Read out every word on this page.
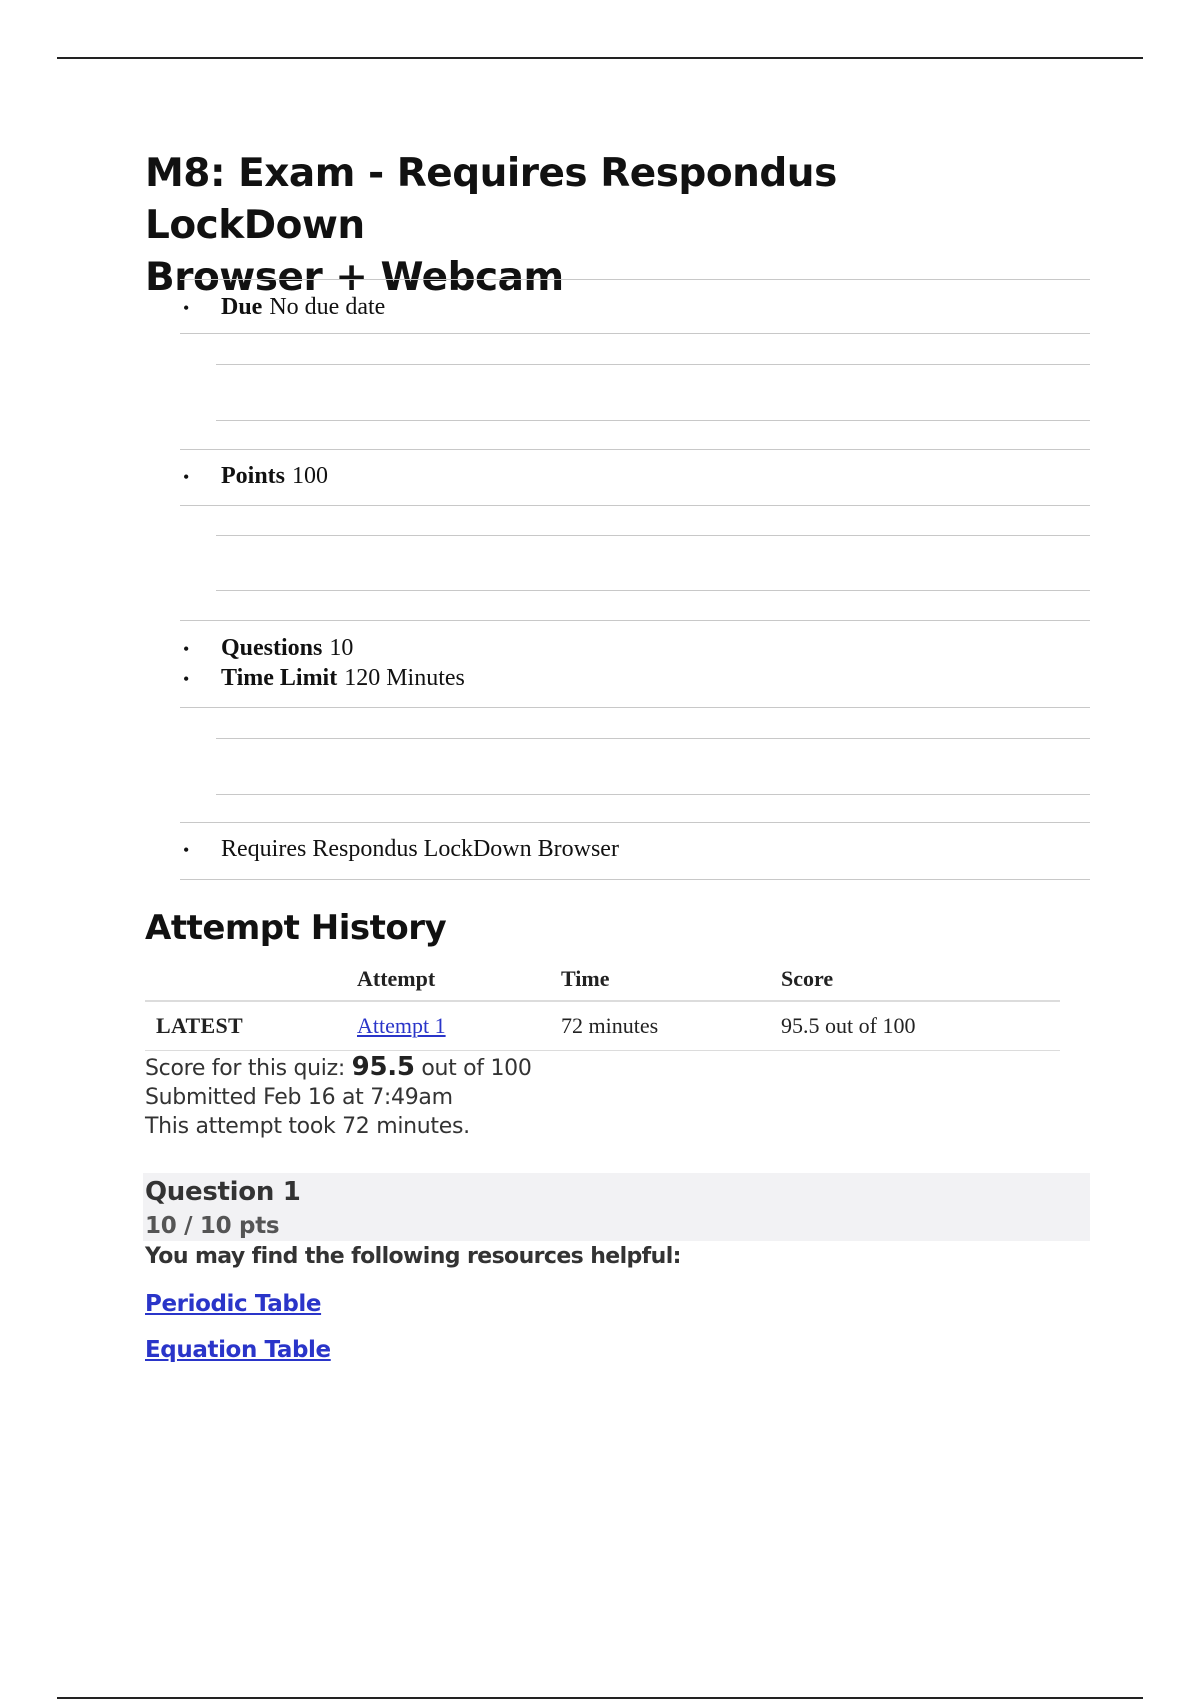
M8: Exam - Requires Respondus LockDown
Browser + Webcam
•	Due No due date
•	Points 100
•	Questions 10
•	Time Limit 120 Minutes
•	Requires Respondus LockDown Browser
Attempt History
	Attempt	Time	Score
LATEST	Attempt 1	72 minutes	95.5 out of 100
Score for this quiz: 95.5 out of 100
Submitted Feb 16 at 7:49am
This attempt took 72 minutes.
Question 1
10 / 10 pts
You may find the following resources helpful:
Periodic Table
Equation Table
